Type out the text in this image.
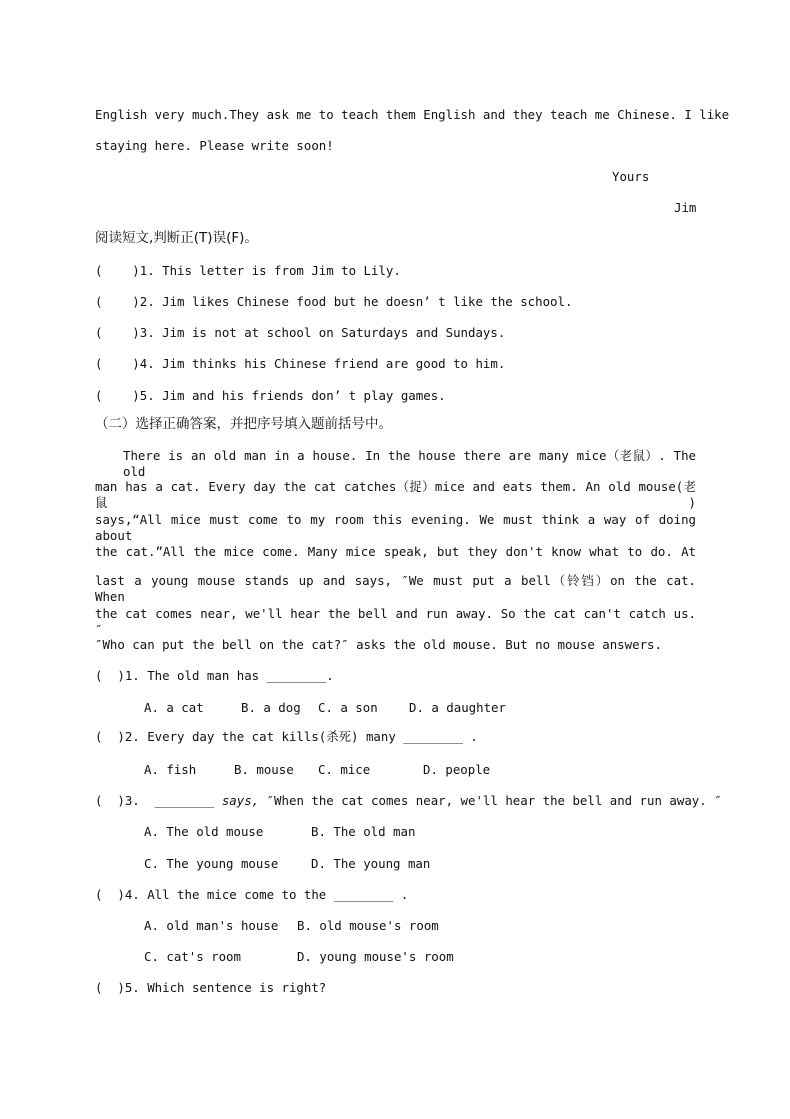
English very much.They ask me to teach them English and they teach me Chinese. I like
staying here. Please write soon!
Yours
Jim
阅读短文,判断正(T)误(F)。
(    )1. This letter is from Jim to Lily.
(    )2. Jim likes Chinese food but he doesn’ t like the school.
(    )3. Jim is not at school on Saturdays and Sundays.
(    )4. Jim thinks his Chinese friend are good to him.
(    )5. Jim and his friends don’ t play games.
（二）选择正确答案，并把序号填入题前括号中。
There is an old man in a house. In the house there are many mice（老鼠）. The old
man has a cat. Every day the cat catches（捉）mice and eats them. An old mouse(老鼠)
says,“All mice must come to my room this evening. We must think a way of doing about
the cat.”All the mice come. Many mice speak, but they don't know what to do. At
last a young mouse stands up and says, ″We must put a bell（铃铛）on the cat. When
the cat comes near, we'll hear the bell and run away. So the cat can't catch us. ″
″Who can put the bell on the cat?″ asks the old mouse. But no mouse answers.
(  )1. The old man has ________.
A. a cat	B. a dog C. a son	D. a daughter
(  )2. Every day the cat kills(杀死) many ________ .
A. fish	B. mouse C. mice	D. people
(  )3.  ________ says, ″When the cat comes near, we'll hear the bell and run away. ″
A. The old mouse	B. The old man
C. The young mouse	D. The young man
(  )4. All the mice come to the ________ .
A. old man's house B. old mouse's room
C. cat's room	D. young mouse's room
(  )5. Which sentence is right?
